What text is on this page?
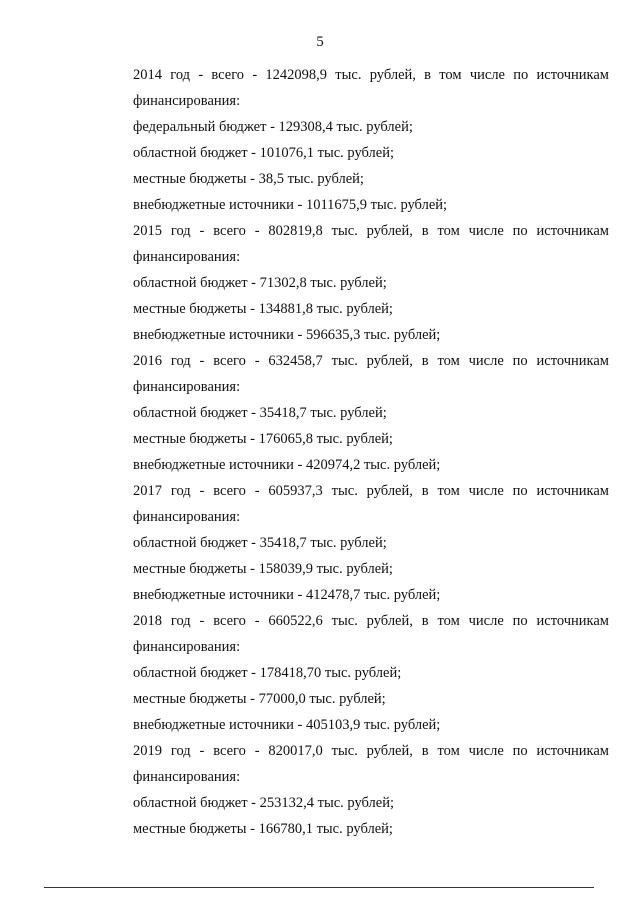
5
2014 год - всего - 1242098,9 тыс. рублей, в том числе по источникам
финансирования:
федеральный бюджет - 129308,4 тыс. рублей;
областной бюджет - 101076,1 тыс. рублей;
местные бюджеты - 38,5 тыс. рублей;
внебюджетные источники - 1011675,9 тыс. рублей;
2015 год - всего - 802819,8 тыс. рублей, в том числе по источникам
финансирования:
областной бюджет - 71302,8 тыс. рублей;
местные бюджеты - 134881,8 тыс. рублей;
внебюджетные источники - 596635,3 тыс. рублей;
2016 год - всего - 632458,7 тыс. рублей, в том числе по источникам
финансирования:
областной бюджет - 35418,7 тыс. рублей;
местные бюджеты - 176065,8 тыс. рублей;
внебюджетные источники - 420974,2 тыс. рублей;
2017 год - всего - 605937,3 тыс. рублей, в том числе по источникам
финансирования:
областной бюджет - 35418,7 тыс. рублей;
местные бюджеты - 158039,9 тыс. рублей;
внебюджетные источники - 412478,7 тыс. рублей;
2018 год - всего - 660522,6 тыс. рублей, в том числе по источникам
финансирования:
областной бюджет - 178418,70 тыс. рублей;
местные бюджеты - 77000,0 тыс. рублей;
внебюджетные источники - 405103,9 тыс. рублей;
2019 год - всего - 820017,0 тыс. рублей, в том числе по источникам
финансирования:
областной бюджет - 253132,4 тыс. рублей;
местные бюджеты - 166780,1 тыс. рублей;
